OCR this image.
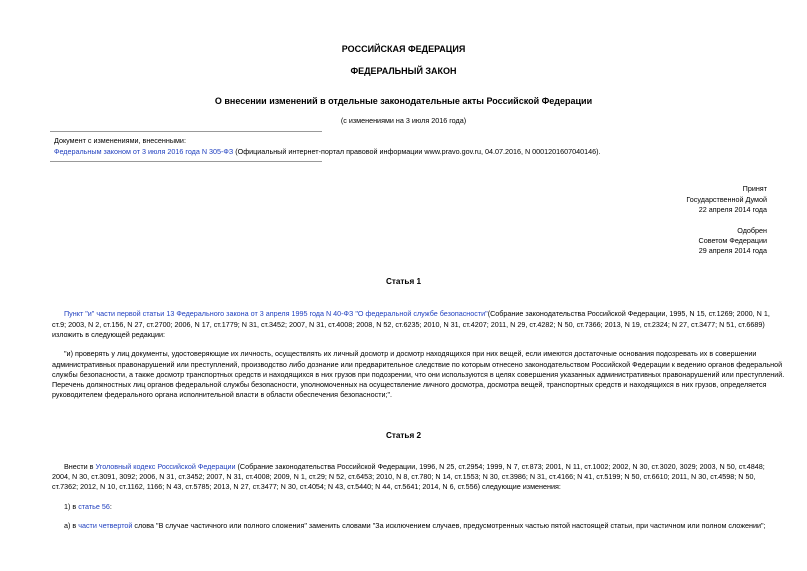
РОССИЙСКАЯ ФЕДЕРАЦИЯ
ФЕДЕРАЛЬНЫЙ ЗАКОН
О внесении изменений в отдельные законодательные акты Российской Федерации
(с изменениями на 3 июля 2016 года)
Документ с изменениями, внесенными:
Федеральным законом от 3 июля 2016 года N 305-ФЗ (Официальный интернет-портал правовой информации www.pravo.gov.ru, 04.07.2016, N 0001201607040146).
Принят
Государственной Думой
22 апреля 2014 года
Одобрен
Советом Федерации
29 апреля 2014 года
Статья 1
Пункт "и" части первой статьи 13 Федерального закона от 3 апреля 1995 года N 40-ФЗ "О федеральной службе безопасности"(Собрание законодательства Российской Федерации, 1995, N 15, ст.1269; 2000, N 1,
ст.9; 2003, N 2, ст.156, N 27, ст.2700; 2006, N 17, ст.1779; N 31, ст.3452; 2007, N 31, ст.4008; 2008, N 52, ст.6235; 2010, N 31, ст.4207; 2011, N 29, ст.4282; N 50, ст.7366; 2013, N 19, ст.2324; N 27, ст.3477; N 51, ст.6689)
изложить в следующей редакции:
"и) проверять у лиц документы, удостоверяющие их личность, осуществлять их личный досмотр и досмотр находящихся при них вещей, если имеются достаточные основания подозревать их в совершении
административных правонарушений или преступлений, производство либо дознание или предварительное следствие по которым отнесено законодательством Российской Федерации к ведению органов федеральной
службы безопасности, а также досмотр транспортных средств и находящихся в них грузов при подозрении, что они используются в целях совершения указанных административных правонарушений или преступлений.
Перечень должностных лиц органов федеральной службы безопасности, уполномоченных на осуществление личного досмотра, досмотра вещей, транспортных средств и находящихся в них грузов, определяется
руководителем федерального органа исполнительной власти в области обеспечения безопасности;".
Статья 2
Внести в Уголовный кодекс Российской Федерации (Собрание законодательства Российской Федерации, 1996, N 25, ст.2954; 1999, N 7, ст.873; 2001, N 11, ст.1002; 2002, N 30, ст.3020, 3029; 2003, N 50, ст.4848;
2004, N 30, ст.3091, 3092; 2006, N 31, ст.3452; 2007, N 31, ст.4008; 2009, N 1, ст.29; N 52, ст.6453; 2010, N 8, ст.780; N 14, ст.1553; N 30, ст.3986; N 31, ст.4166; N 41, ст.5199; N 50, ст.6610; 2011, N 30, ст.4598; N 50,
ст.7362; 2012, N 10, ст.1162, 1166; N 43, ст.5785; 2013, N 27, ст.3477; N 30, ст.4054; N 43, ст.5440; N 44, ст.5641; 2014, N 6, ст.556) следующие изменения:
1) в статье 56:
а) в части четвертой слова "В случае частичного или полного сложения" заменить словами "За исключением случаев, предусмотренных частью пятой настоящей статьи, при частичном или полном сложении";
